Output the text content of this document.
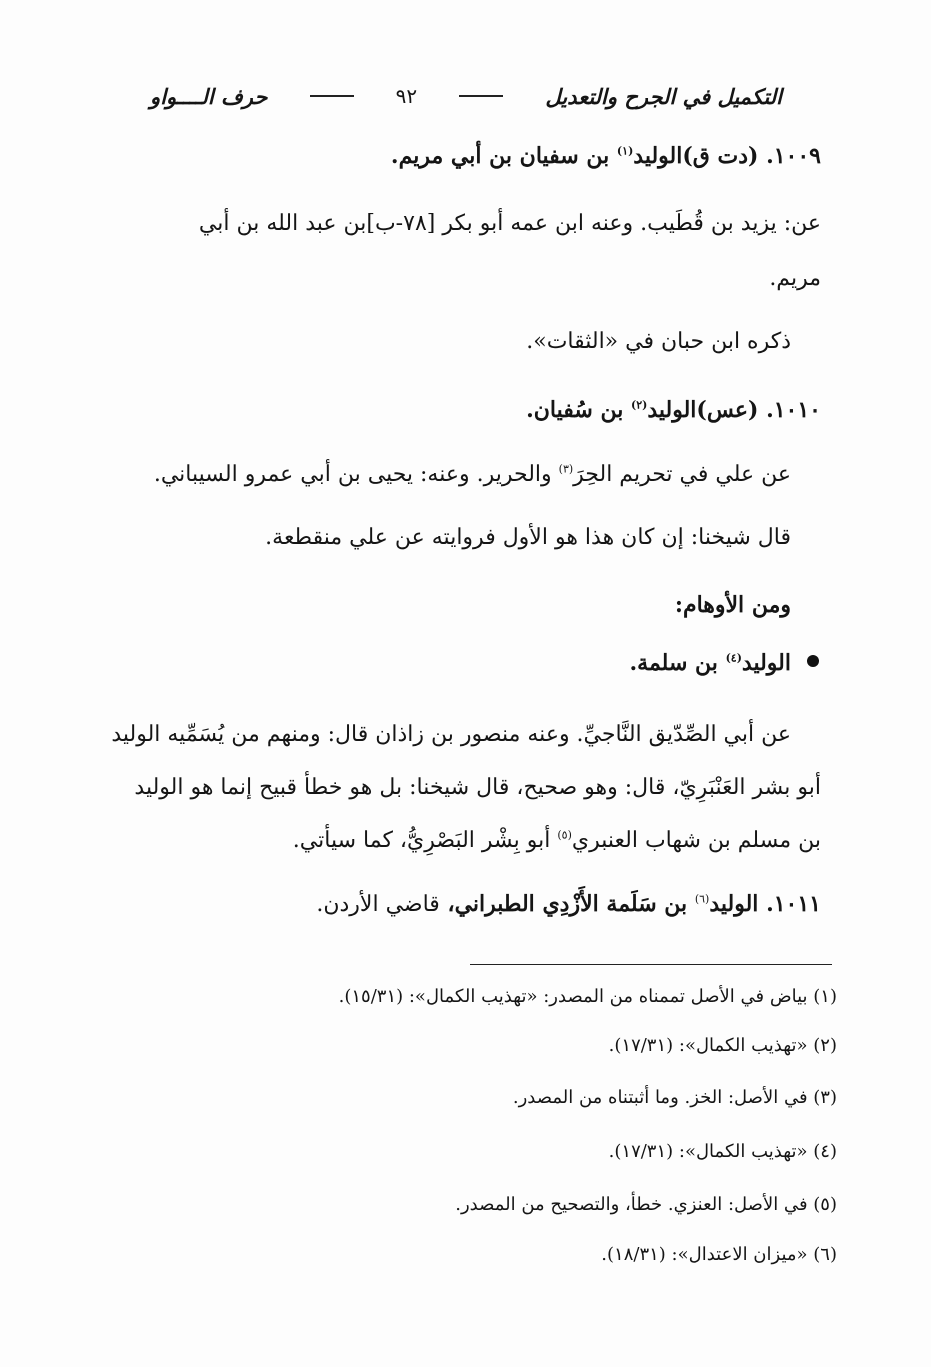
التكميل في الجرح والتعديل
٩٢
حرف الــــواو
١٠٠٩. (دت ق)الوليد$^{(١)}$ بن سفيان بن أبي مريم.
عن: يزيد بن قُطَيب. وعنه ابن عمه أبو بكر [٧٨-ب]بن عبد الله بن أبي
مريم.
ذكره ابن حبان في «الثقات».
١٠١٠. (عس)الوليد$^{(٢)}$ بن سُفيان.
عن علي في تحريم الحِرَ$^{(٣)}$ والحرير. وعنه: يحيى بن أبي عمرو السيباني.
قال شيخنا: إن كان هذا هو الأول فروايته عن علي منقطعة.
ومن الأوهام:
الوليد$^{(٤)}$ بن سلمة.
عن أبي الصِّدّيق النَّاجيِّ. وعنه منصور بن زاذان قال: ومنهم من يُسَمِّيه الوليد
أبو بشر العَنْبَرِيّ، قال: وهو صحيح، قال شيخنا: بل هو خطأ قبيح إنما هو الوليد
بن مسلم بن شهاب العنبري$^{(٥)}$ أبو بِشْر البَصْرِيُّ، كما سيأتي.
١٠١١. الوليد$^{(٦)}$ بن سَلَمة الأَزْدِي الطبراني، قاضي الأردن.
(١) بياض في الأصل تممناه من المصدر: «تهذيب الكمال»: (١٥/٣١).
(٢) «تهذيب الكمال»: (١٧/٣١).
(٣) في الأصل: الخز. وما أثبتناه من المصدر.
(٤) «تهذيب الكمال»: (١٧/٣١).
(٥) في الأصل: العنزي. خطأ، والتصحيح من المصدر.
(٦) «ميزان الاعتدال»: (١٨/٣١).
